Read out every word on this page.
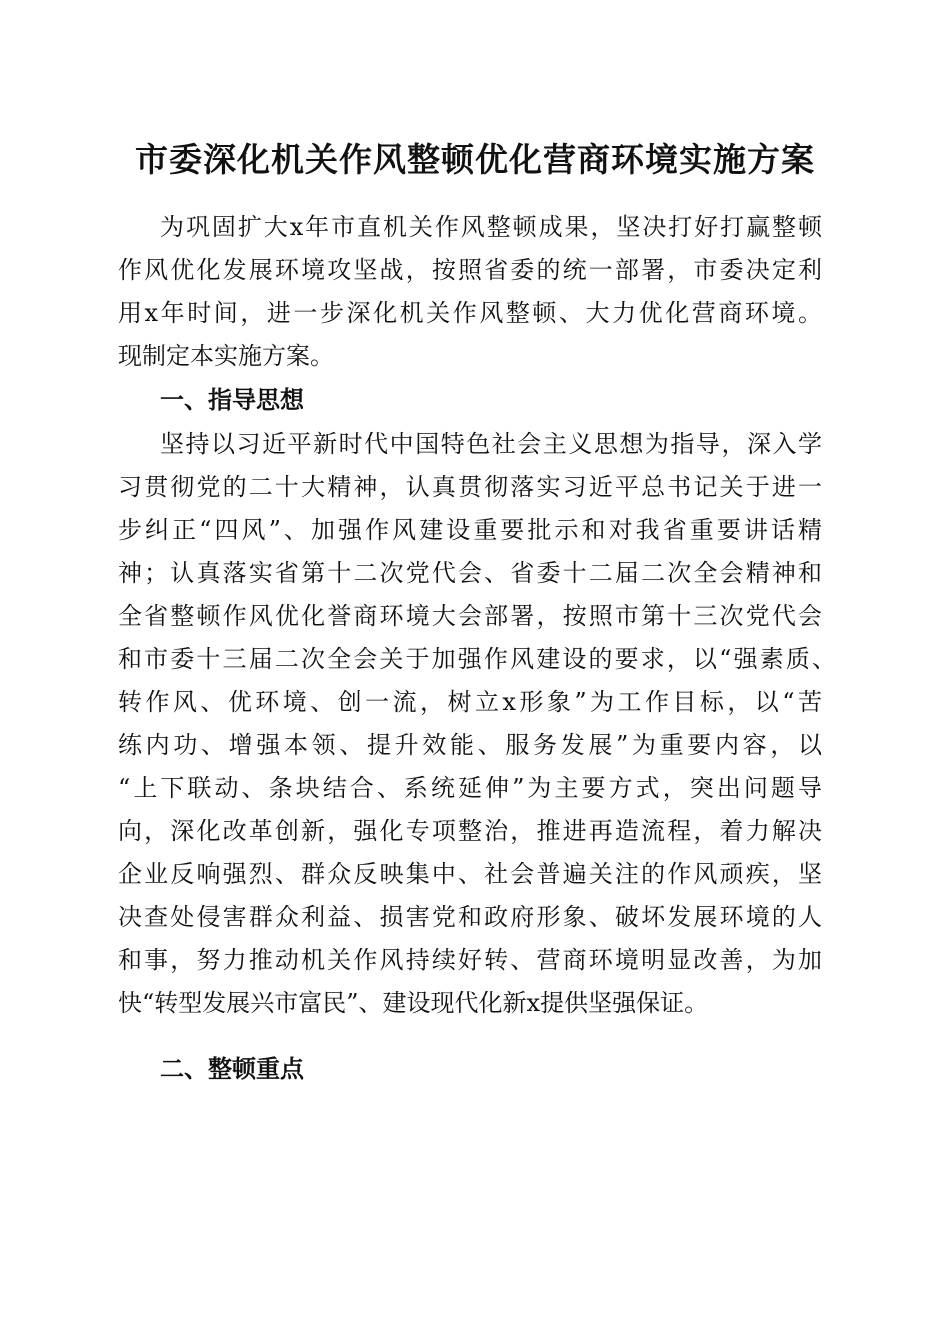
市委深化机关作风整顿优化营商环境实施方案
为巩固扩大x年市直机关作风整顿成果，坚决打好打赢整顿
作风优化发展环境攻坚战，按照省委的统一部署，市委决定利
用x年时间，进一步深化机关作风整顿、大力优化营商环境。
现制定本实施方案。
一、指导思想
坚持以习近平新时代中国特色社会主义思想为指导，深入学
习贯彻党的二十大精神，认真贯彻落实习近平总书记关于进一
步纠正“四风”、加强作风建设重要批示和对我省重要讲话精
神；认真落实省第十二次党代会、省委十二届二次全会精神和
全省整顿作风优化誉商环境大会部署，按照市第十三次党代会
和市委十三届二次全会关于加强作风建设的要求，以“强素质、
转作风、优环境、创一流，树立x形象”为工作目标，以“苦
练内功、增强本领、提升效能、服务发展”为重要内容，以
“上下联动、条块结合、系统延伸”为主要方式，突出问题导
向，深化改革创新，强化专项整治，推进再造流程，着力解决
企业反响强烈、群众反映集中、社会普遍关注的作风顽疾，坚
决查处侵害群众利益、损害党和政府形象、破坏发展环境的人
和事，努力推动机关作风持续好转、营商环境明显改善，为加
快“转型发展兴市富民”、建设现代化新x提供坚强保证。
二、整顿重点
